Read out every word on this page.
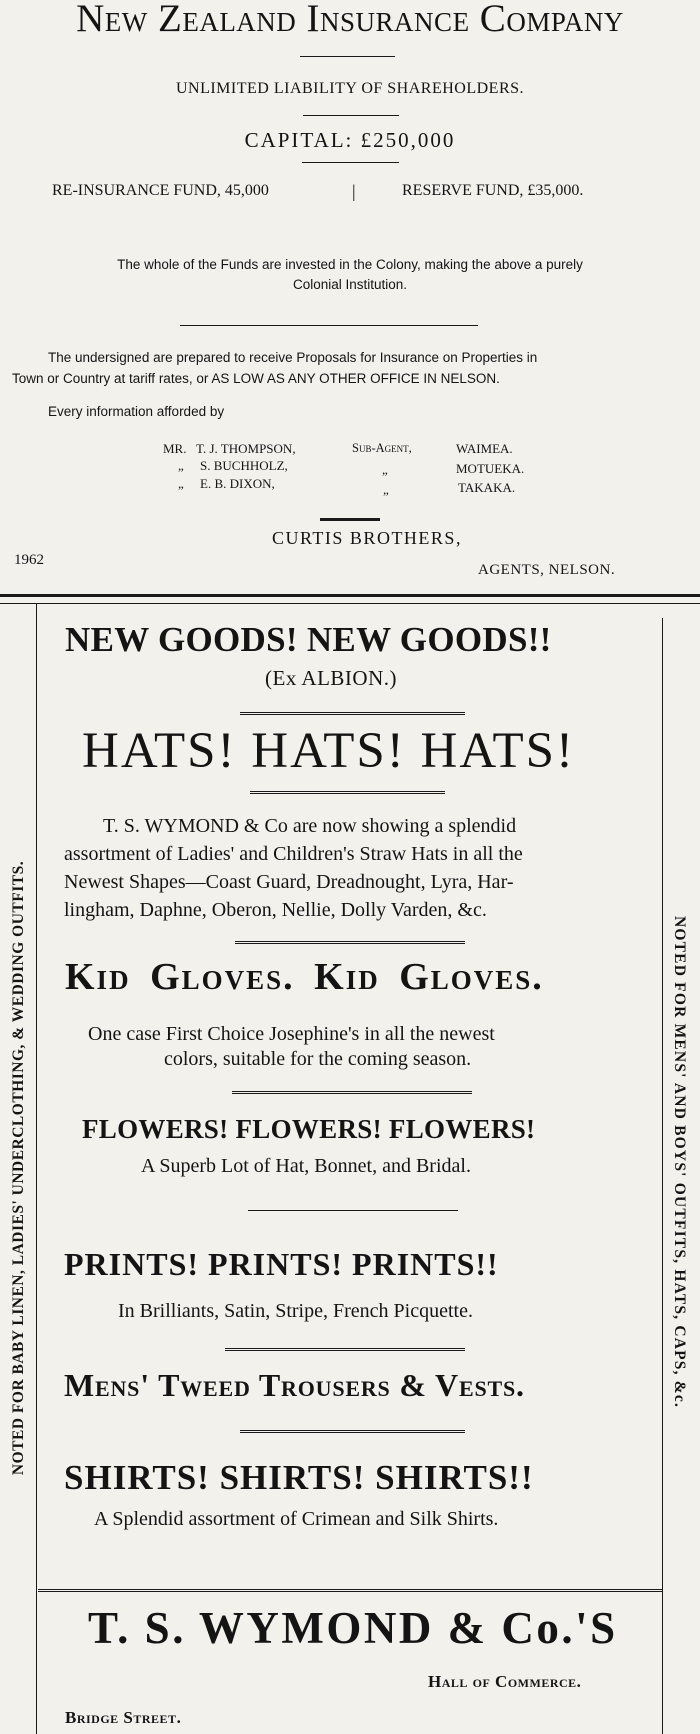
New Zealand Insurance Company
UNLIMITED LIABILITY OF SHAREHOLDERS.
CAPITAL: £250,000
RE-INSURANCE FUND, 45,000	|	RESERVE FUND, £35,000.
The whole of the Funds are invested in the Colony, making the above a purely
Colonial Institution.
The undersigned are prepared to receive Proposals for Insurance on Properties in
Town or Country at tariff rates, or AS LOW AS ANY OTHER OFFICE IN NELSON.
Every information afforded by
MR. T. J. THOMPSON,	Sub-Agent,	WAIMEA.
„ S. BUCHHOLZ,	„	MOTUEKA.
„ E. B. DIXON,	„	TAKAKA.
CURTIS BROTHERS,
1962
AGENTS, NELSON.
NOTED FOR BABY LINEN, LADIES' UNDERCLOTHING, & WEDDING OUTFITS.	NOTED FOR MENS' AND BOYS' OUTFITS, HATS, CAPS, &c.
NEW GOODS! NEW GOODS!!
(Ex ALBION.)
HATS! HATS! HATS!
T. S. WYMOND & Co are now showing a splendid
assortment of Ladies' and Children's Straw Hats in all the
Newest Shapes—Coast Guard, Dreadnought, Lyra, Har-
lingham, Daphne, Oberon, Nellie, Dolly Varden, &c.
Kid Gloves. Kid Gloves.
One case First Choice Josephine's in all the newest
colors, suitable for the coming season.
FLOWERS! FLOWERS! FLOWERS!
A Superb Lot of Hat, Bonnet, and Bridal.
PRINTS! PRINTS! PRINTS!!
In Brilliants, Satin, Stripe, French Picquette.
Mens' Tweed Trousers & Vests.
SHIRTS! SHIRTS! SHIRTS!!
A Splendid assortment of Crimean and Silk Shirts.
T. S. WYMOND & Co.'S
Hall of Commerce.
Bridge Street.
